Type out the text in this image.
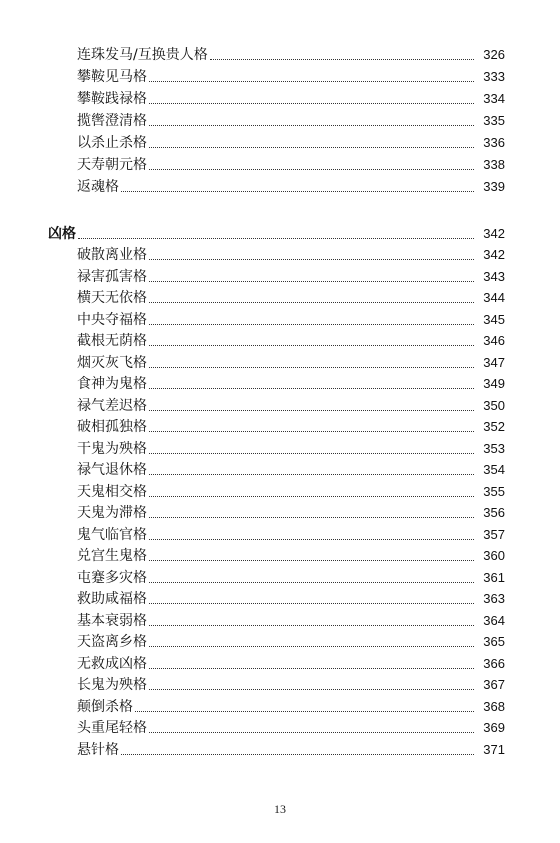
连珠发马/互换贵人格	326
攀鞍见马格	333
攀鞍践禄格	334
揽辔澄清格	335
以杀止杀格	336
天寿朝元格	338
返魂格	339
凶格	342
破散离业格	342
禄害孤害格	343
横天无依格	344
中央夺福格	345
截根无荫格	346
烟灭灰飞格	347
食神为鬼格	349
禄气差迟格	350
破相孤独格	352
干鬼为殃格	353
禄气退休格	354
天鬼相交格	355
天鬼为滞格	356
鬼气临官格	357
兑宫生鬼格	360
屯蹇多灾格	361
救助咸福格	363
基本衰弱格	364
天盗离乡格	365
无救成凶格	366
长鬼为殃格	367
颠倒杀格	368
头重尾轻格	369
悬针格	371
13
